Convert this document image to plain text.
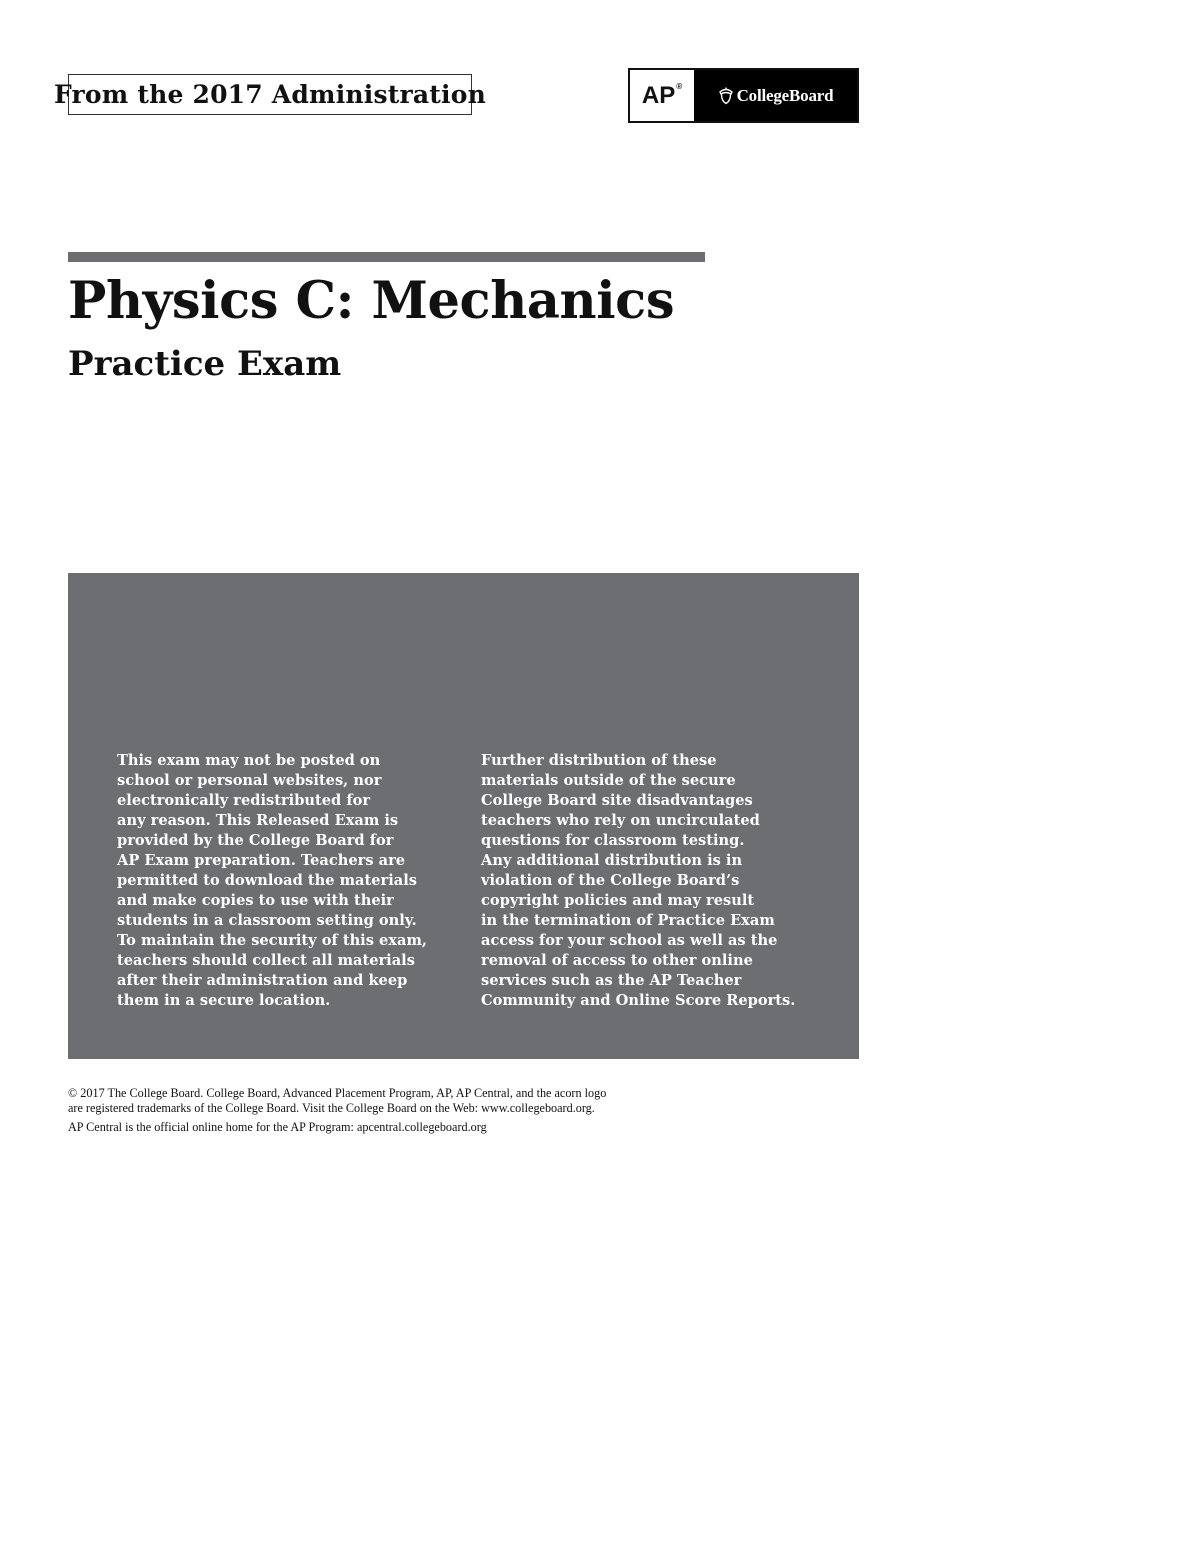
From the 2017 Administration	AP®	CollegeBoard
Physics C: Mechanics
Practice Exam
This exam may not be posted on
school or personal websites, nor
electronically redistributed for
any reason. This Released Exam is
provided by the College Board for
AP Exam preparation. Teachers are
permitted to download the materials
and make copies to use with their
students in a classroom setting only.
To maintain the security of this exam,
teachers should collect all materials
after their administration and keep
them in a secure location.
Further distribution of these
materials outside of the secure
College Board site disadvantages
teachers who rely on uncirculated
questions for classroom testing.
Any additional distribution is in
violation of the College Board’s
copyright policies and may result
in the termination of Practice Exam
access for your school as well as the
removal of access to other online
services such as the AP Teacher
Community and Online Score Reports.
© 2017 The College Board. College Board, Advanced Placement Program, AP, AP Central, and the acorn logo
are registered trademarks of the College Board. Visit the College Board on the Web: www.collegeboard.org.
AP Central is the official online home for the AP Program: apcentral.collegeboard.org
